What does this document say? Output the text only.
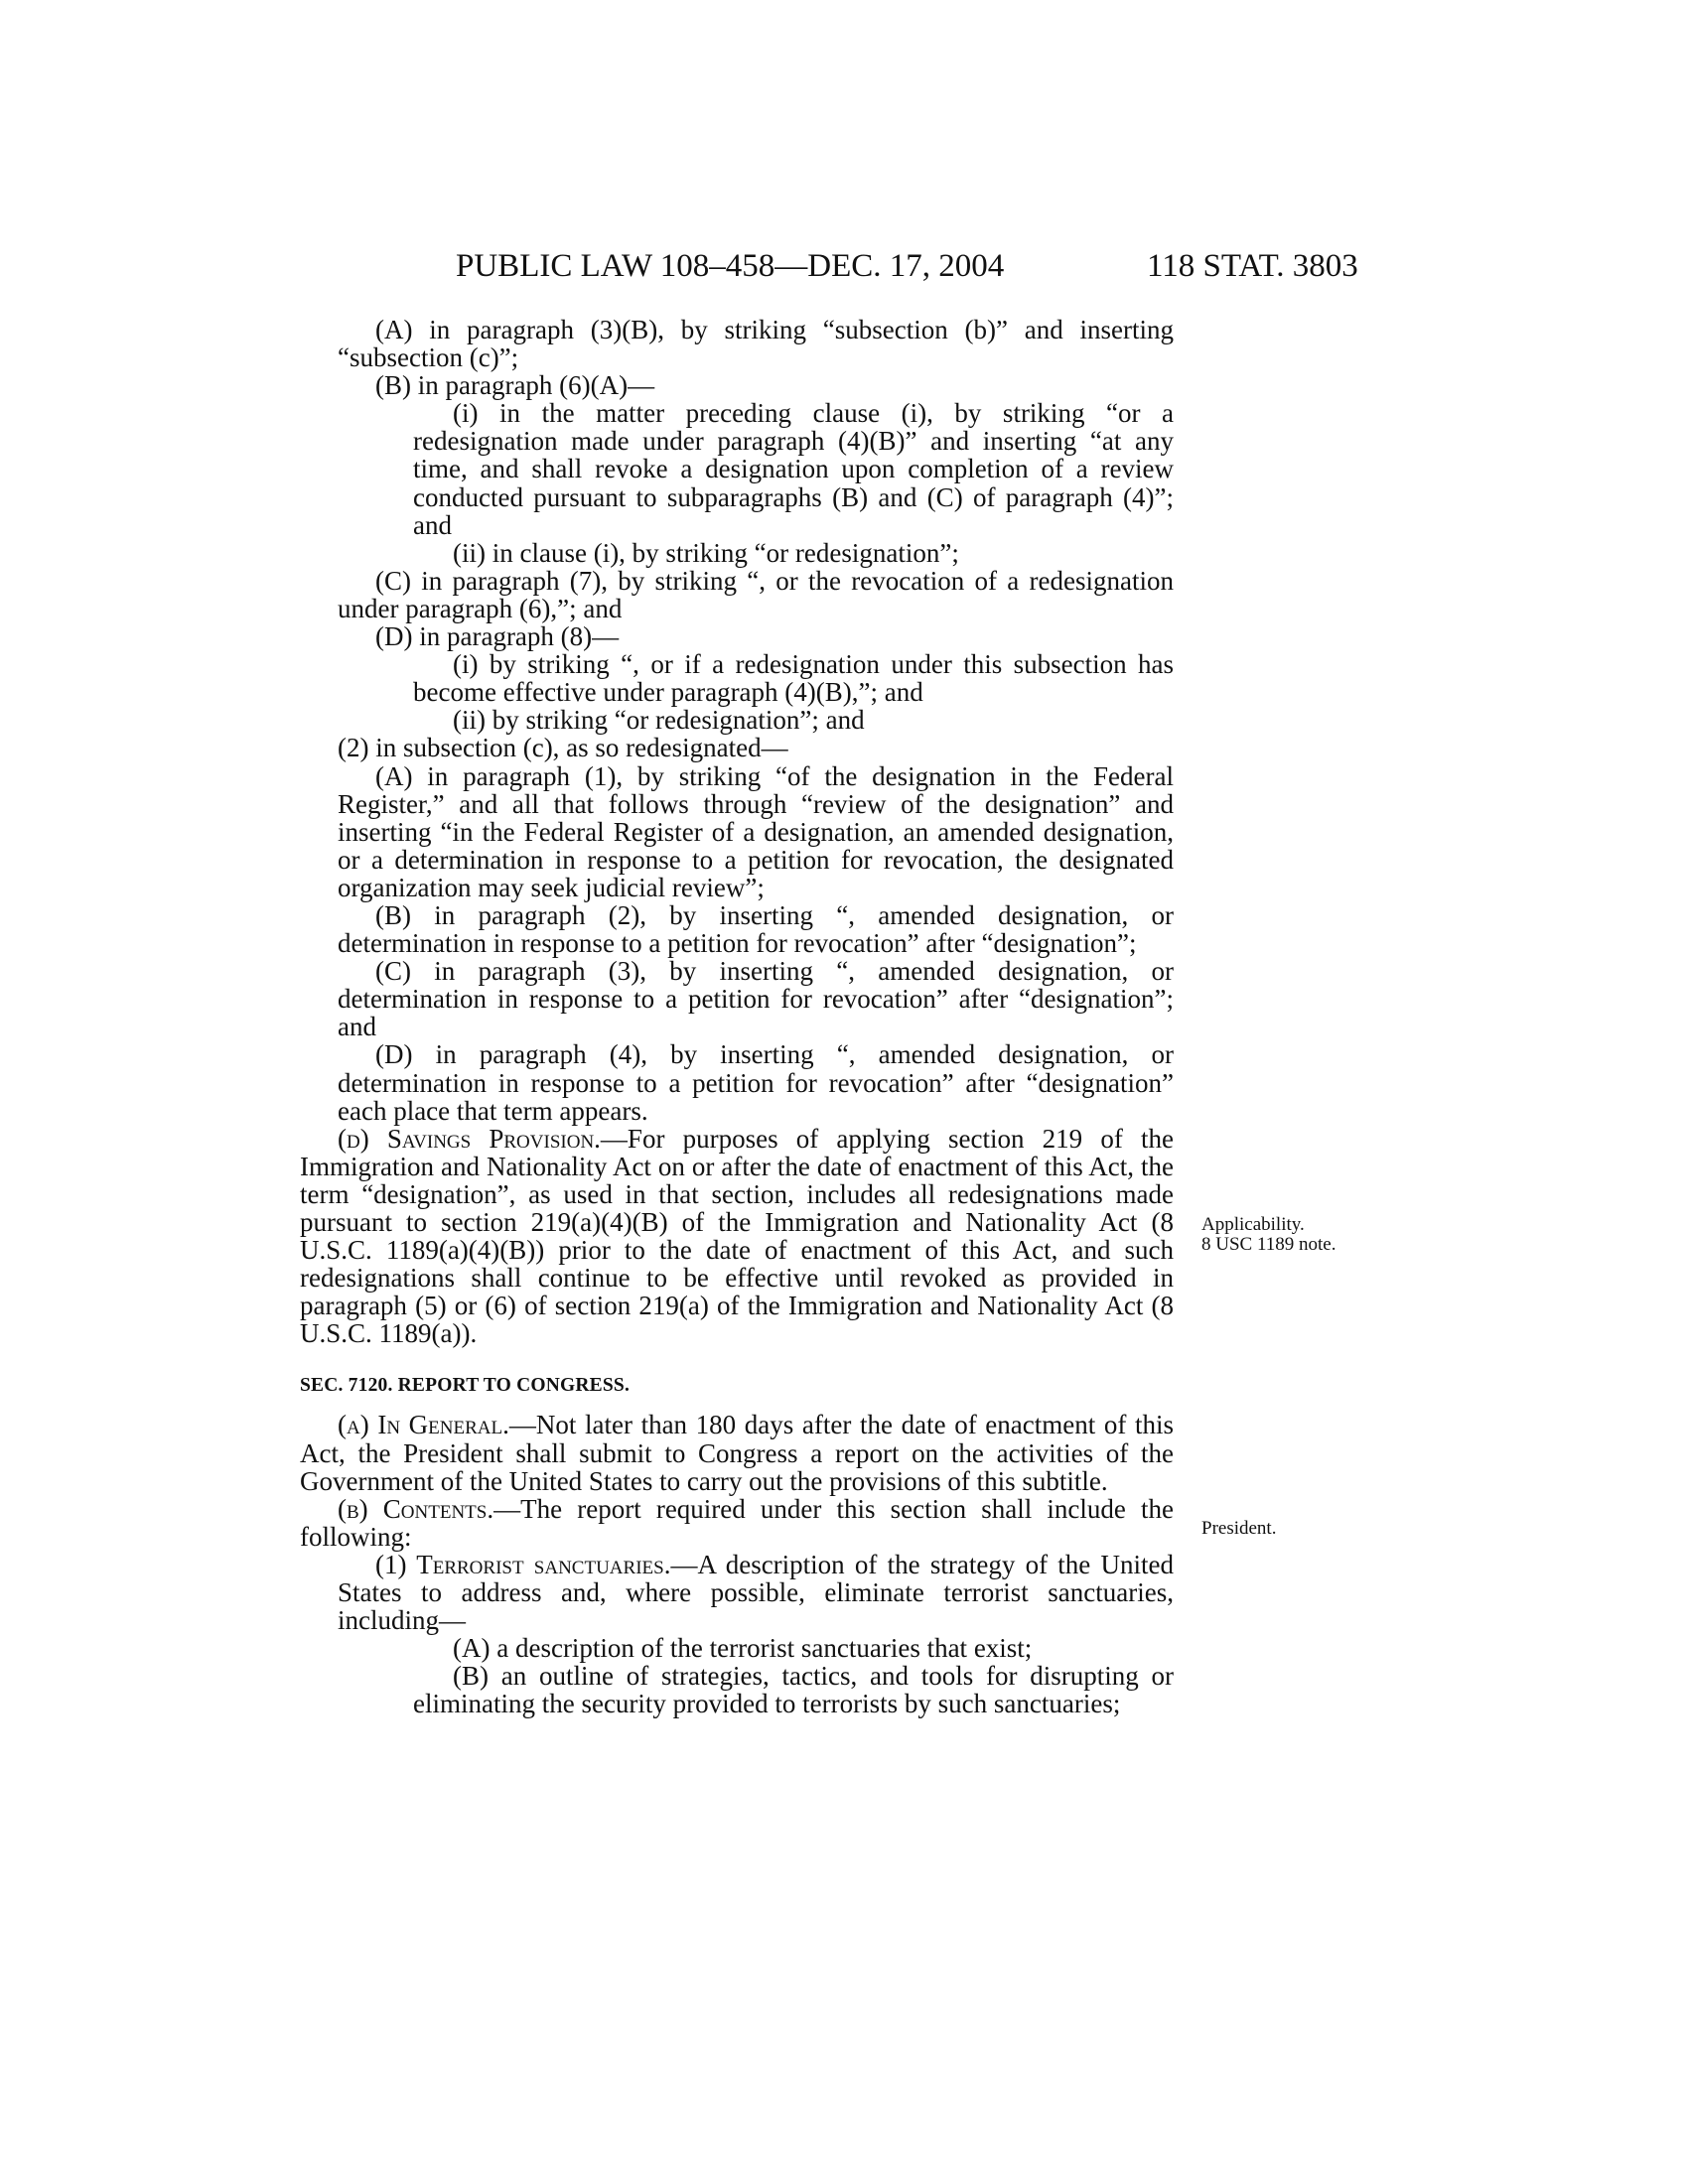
PUBLIC LAW 108–458—DEC. 17, 2004	118 STAT. 3803

(A) in paragraph (3)(B), by striking “subsection (b)” and inserting “subsection (c)”;

(B) in paragraph (6)(A)—

(i) in the matter preceding clause (i), by striking “or a redesignation made under paragraph (4)(B)” and inserting “at any time, and shall revoke a designation upon completion of a review conducted pursuant to subparagraphs (B) and (C) of paragraph (4)”; and

(ii) in clause (i), by striking “or redesignation”;

(C) in paragraph (7), by striking “, or the revocation of a redesignation under paragraph (6),”; and

(D) in paragraph (8)—

(i) by striking “, or if a redesignation under this subsection has become effective under paragraph (4)(B),”; and

(ii) by striking “or redesignation”; and

(2) in subsection (c), as so redesignated—

(A) in paragraph (1), by striking “of the designation in the Federal Register,” and all that follows through “review of the designation” and inserting “in the Federal Register of a designation, an amended designation, or a determination in response to a petition for revocation, the designated organization may seek judicial review”;

(B) in paragraph (2), by inserting “, amended designation, or determination in response to a petition for revocation” after “designation”;

(C) in paragraph (3), by inserting “, amended designation, or determination in response to a petition for revocation” after “designation”; and

(D) in paragraph (4), by inserting “, amended designation, or determination in response to a petition for revocation” after “designation” each place that term appears.

(d) Savings Provision.—For purposes of applying section 219 of the Immigration and Nationality Act on or after the date of enactment of this Act, the term “designation”, as used in that section, includes all redesignations made pursuant to section 219(a)(4)(B) of the Immigration and Nationality Act (8 U.S.C. 1189(a)(4)(B)) prior to the date of enactment of this Act, and such redesignations shall continue to be effective until revoked as provided in paragraph (5) or (6) of section 219(a) of the Immigration and Nationality Act (8 U.S.C. 1189(a)).

SEC. 7120. REPORT TO CONGRESS.

(a) In General.—Not later than 180 days after the date of enactment of this Act, the President shall submit to Congress a report on the activities of the Government of the United States to carry out the provisions of this subtitle.

(b) Contents.—The report required under this section shall include the following:

(1) Terrorist sanctuaries.—A description of the strategy of the United States to address and, where possible, eliminate terrorist sanctuaries, including—

(A) a description of the terrorist sanctuaries that exist;

(B) an outline of strategies, tactics, and tools for disrupting or eliminating the security provided to terrorists by such sanctuaries;

Applicability.
8 USC 1189 note.
President.
